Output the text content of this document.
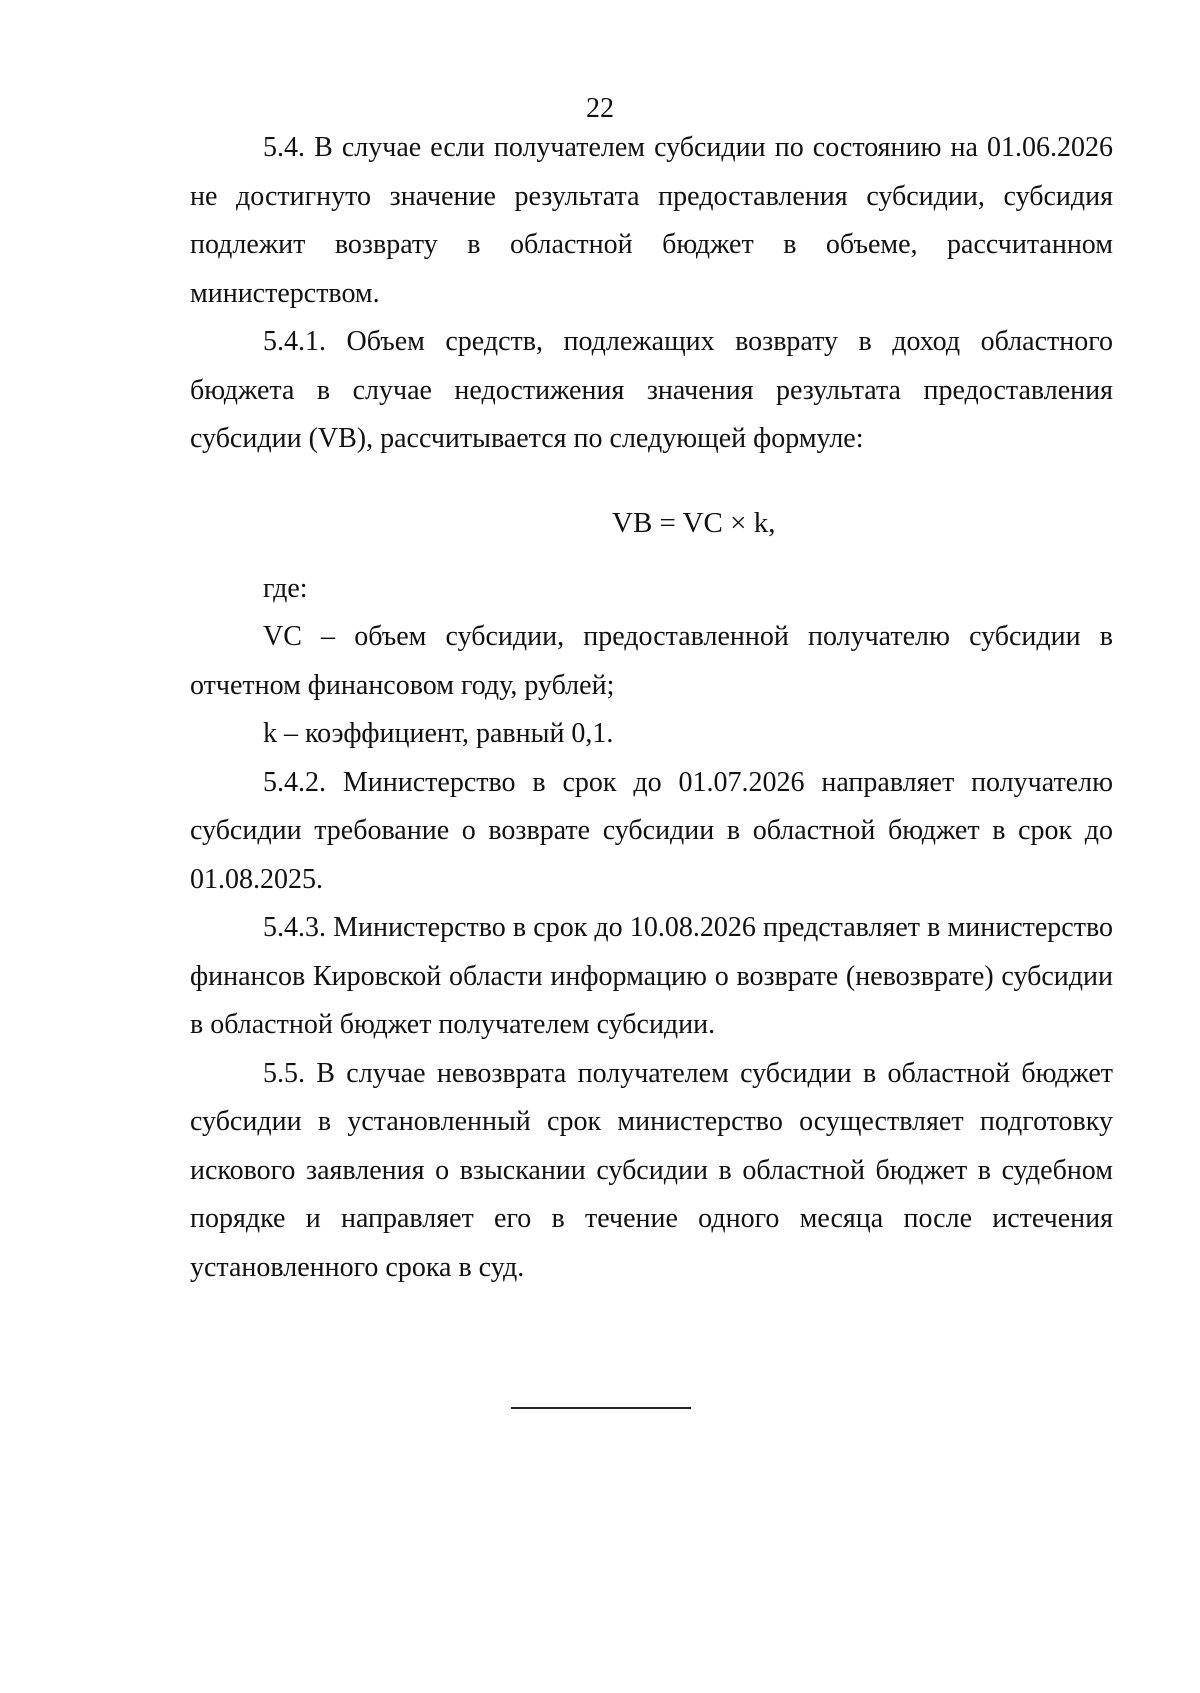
22

5.4. В случае если получателем субсидии по состоянию на 01.06.2026 не достигнуто значение результата предоставления субсидии, субсидия подлежит возврату в областной бюджет в объеме, рассчитанном министерством.

5.4.1. Объем средств, подлежащих возврату в доход областного бюджета в случае недостижения значения результата предоставления субсидии (VB), рассчитывается по следующей формуле:

VB = VC × k,

где:

VC – объем субсидии, предоставленной получателю субсидии в отчетном финансовом году, рублей;

k – коэффициент, равный 0,1.

5.4.2. Министерство в срок до 01.07.2026 направляет получателю субсидии требование о возврате субсидии в областной бюджет в срок до 01.08.2025.

5.4.3. Министерство в срок до 10.08.2026 представляет в министерство финансов Кировской области информацию о возврате (невозврате) субсидии в областной бюджет получателем субсидии.

5.5. В случае невозврата получателем субсидии в областной бюджет субсидии в установленный срок министерство осуществляет подготовку искового заявления о взыскании субсидии в областной бюджет в судебном порядке и направляет его в течение одного месяца после истечения установленного срока в суд.
